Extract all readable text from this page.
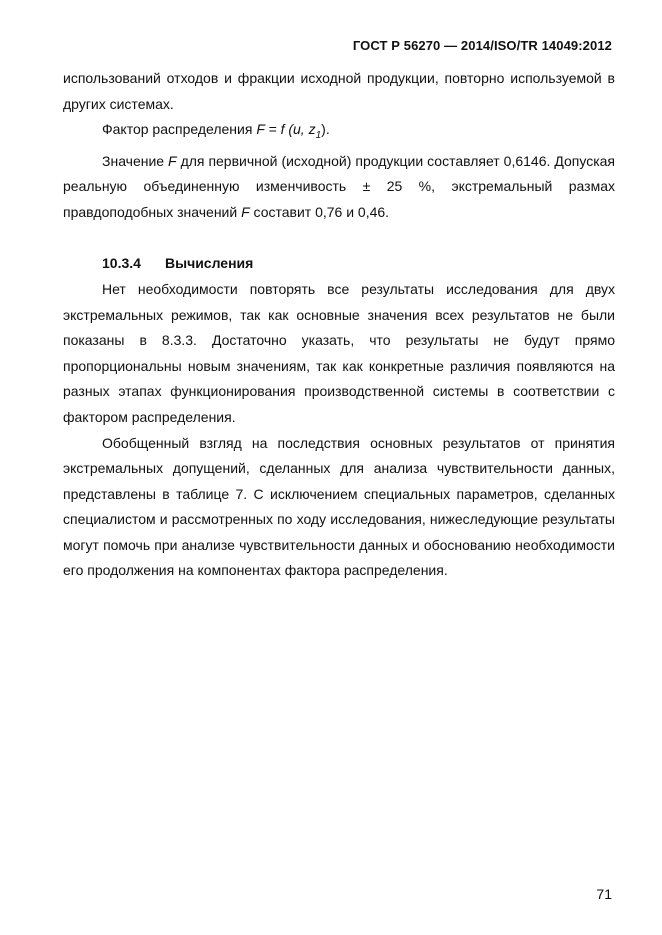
ГОСТ Р 56270 — 2014/ISO/TR 14049:2012

использований отходов и фракции исходной продукции, повторно используемой в других системах.

Фактор распределения F = f (u, $z_1$).

Значение F для первичной (исходной) продукции составляет 0,6146. Допуская реальную объединенную изменчивость ± 25 %, экстремальный размах правдоподобных значений F составит 0,76 и 0,46.

10.3.4 Вычисления

Нет необходимости повторять все результаты исследования для двух экстремальных режимов, так как основные значения всех результатов не были показаны в 8.3.3. Достаточно указать, что результаты не будут прямо пропорциональны новым значениям, так как конкретные различия появляются на разных этапах функционирования производственной системы в соответствии с фактором распределения.

Обобщенный взгляд на последствия основных результатов от принятия экстремальных допущений, сделанных для анализа чувствительности данных, представлены в таблице 7. С исключением специальных параметров, сделанных специалистом и рассмотренных по ходу исследования, нижеследующие результаты могут помочь при анализе чувствительности данных и обоснованию необходимости его продолжения на компонентах фактора распределения.

71
